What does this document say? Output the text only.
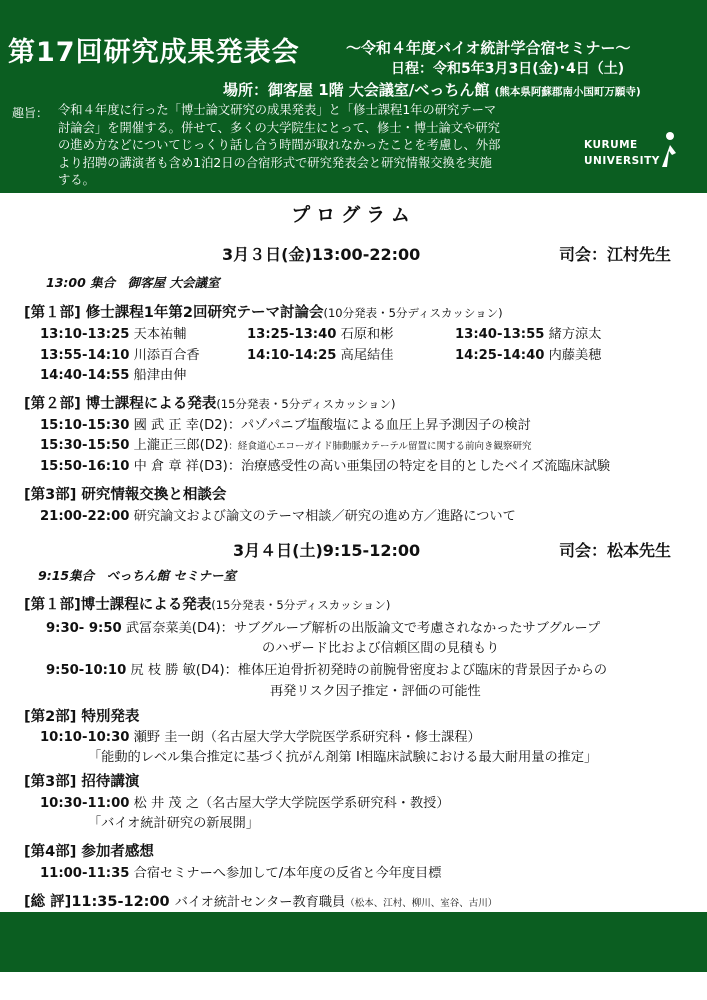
第17回研究成果発表会	～令和４年度バイオ統計学合宿セミナー～
日程：令和5年3月3日(金)･4日（土)
場所：御客屋 1階 大会議室/べっちん館 (熊本県阿蘇郡南小国町万願寺)
趣旨： 令和４年度に行った「博士論文研究の成果発表」と「修士課程1年の研究テーマ
討論会」を開催する。併せて、多くの大学院生にとって、修士・博士論文や研究
の進め方などについてじっくり話し合う時間が取れなかったことを考慮し、外部
より招聘の講演者も含め1泊2日の合宿形式で研究発表会と研究情報交換を実施
する。
KURUME
UNIVERSITY
プログラム
3月３日(金)13:00-22:00	司会：江村先生
13:00 集合　御客屋 大会議室
[第１部] 修士課程1年第2回研究テーマ討論会(10分発表・5分ディスカッション)
13:10-13:25 天本祐輔	13:25-13:40 石原和彬	13:40-13:55 緒方涼太
13:55-14:10 川添百合香	14:10-14:25 高尾結佳	14:25-14:40 内藤美穂
14:40-14:55 船津由伸
[第２部] 博士課程による発表(15分発表・5分ディスカッション)
15:10-15:30 國 武 正 幸(D2)：パゾパニブ塩酸塩による血圧上昇予測因子の検討
15:30-15:50 上瀧正三郎(D2)：経食道心エコーガイド肺動脈カテーテル留置に関する前向き観察研究
15:50-16:10 中 倉 章 祥(D3)：治療感受性の高い亜集団の特定を目的としたベイズ流臨床試験
[第3部] 研究情報交換と相談会
21:00-22:00 研究論文および論文のテーマ相談／研究の進め方／進路について
3月４日(土)9:15-12:00	司会：松本先生
9:15集合　べっちん館 セミナー室
[第１部]博士課程による発表(15分発表・5分ディスカッション)
9:30- 9:50 武冨奈菜美(D4)：サブグループ解析の出版論文で考慮されなかったサブグループ
のハザード比および信頼区間の見積もり
9:50-10:10 尻 枝 勝 敏(D4)：椎体圧迫骨折初発時の前腕骨密度および臨床的背景因子からの
再発リスク因子推定・評価の可能性
[第2部] 特別発表
10:10-10:30 瀬野 圭一朗（名古屋大学大学院医学系研究科・修士課程）
「能動的レベル集合推定に基づく抗がん剤第 I相臨床試験における最大耐用量の推定」
[第3部] 招待講演
10:30-11:00 松 井 茂 之（名古屋大学大学院医学系研究科・教授）
「バイオ統計研究の新展開」
[第4部] 参加者感想
11:00-11:35 合宿セミナーへ参加して/本年度の反省と今年度目標
[総 評]11:35-12:00 バイオ統計センター教育職員（松本、江村、柳川、室谷、古川）
